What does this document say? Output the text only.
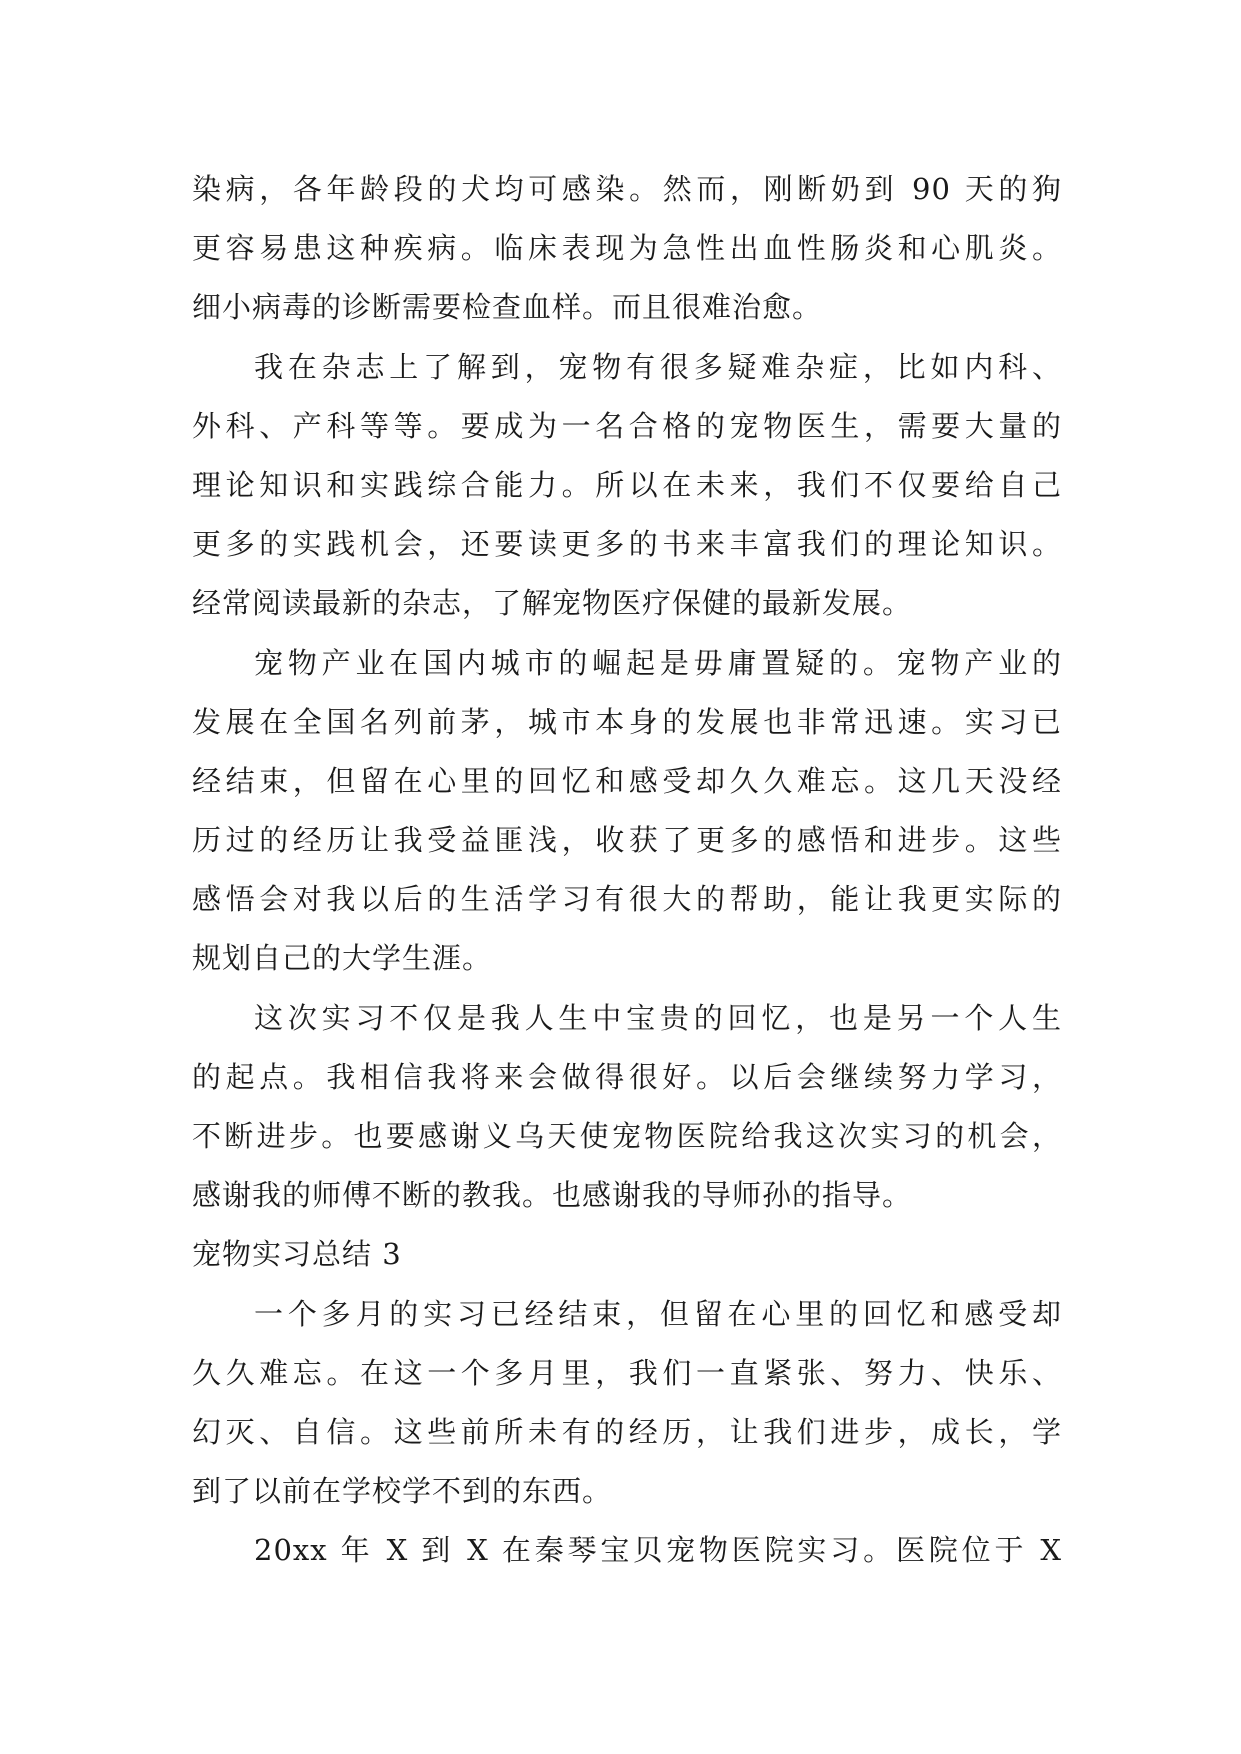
染病，各年龄段的犬均可感染。然而，刚断奶到 90 天的狗
更容易患这种疾病。临床表现为急性出血性肠炎和心肌炎。
细小病毒的诊断需要检查血样。而且很难治愈。
我在杂志上了解到，宠物有很多疑难杂症，比如内科、
外科、产科等等。要成为一名合格的宠物医生，需要大量的
理论知识和实践综合能力。所以在未来，我们不仅要给自己
更多的实践机会，还要读更多的书来丰富我们的理论知识。
经常阅读最新的杂志，了解宠物医疗保健的最新发展。
宠物产业在国内城市的崛起是毋庸置疑的。宠物产业的
发展在全国名列前茅，城市本身的发展也非常迅速。实习已
经结束，但留在心里的回忆和感受却久久难忘。这几天没经
历过的经历让我受益匪浅，收获了更多的感悟和进步。这些
感悟会对我以后的生活学习有很大的帮助，能让我更实际的
规划自己的大学生涯。
这次实习不仅是我人生中宝贵的回忆，也是另一个人生
的起点。我相信我将来会做得很好。以后会继续努力学习，
不断进步。也要感谢义乌天使宠物医院给我这次实习的机会，
感谢我的师傅不断的教我。也感谢我的导师孙的指导。
宠物实习总结 3
一个多月的实习已经结束，但留在心里的回忆和感受却
久久难忘。在这一个多月里，我们一直紧张、努力、快乐、
幻灭、自信。这些前所未有的经历，让我们进步，成长，学
到了以前在学校学不到的东西。
20xx 年 X 到 X 在秦琴宝贝宠物医院实习。医院位于 X
